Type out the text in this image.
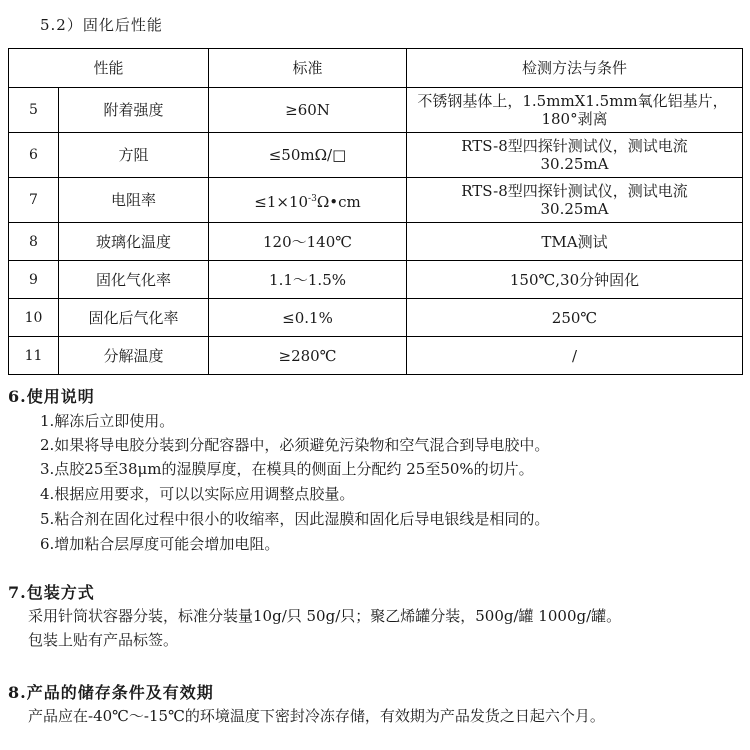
5.2）固化后性能
性能		标准	检测方法与条件
5	附着强度	≥60N	不锈钢基体上，1.5mmX1.5mm氧化铝基片，
180°剥离

6	方阻	≤50mΩ/□	RTS-8型四探针测试仪，测试电流
30.25mA

7	电阻率	$\le 1\times 10^{-3}\Omega•cm$	RTS-8型四探针测试仪，测试电流
30.25mA

8	玻璃化温度	120～140℃	TMA测试
9	固化气化率	1.1～1.5%	150℃,30分钟固化
10	固化后气化率	≤0.1%	250℃
11	分解温度	≥280℃	/
6.使用说明
1.解冻后立即使用。
2.如果将导电胶分装到分配容器中，必须避免污染物和空气混合到导电胶中。
3.点胶25至38μm的湿膜厚度，在模具的侧面上分配约 25至50%的切片。
4.根据应用要求，可以以实际应用调整点胶量。
5.粘合剂在固化过程中很小的收缩率，因此湿膜和固化后导电银线是相同的。
6.增加粘合层厚度可能会增加电阻。
7.包装方式
采用针筒状容器分装，标准分装量10g/只 50g/只；聚乙烯罐分装，500g/罐 1000g/罐。
包装上贴有产品标签。
8.产品的储存条件及有效期
产品应在-40℃～-15℃的环境温度下密封冷冻存储，有效期为产品发货之日起六个月。
